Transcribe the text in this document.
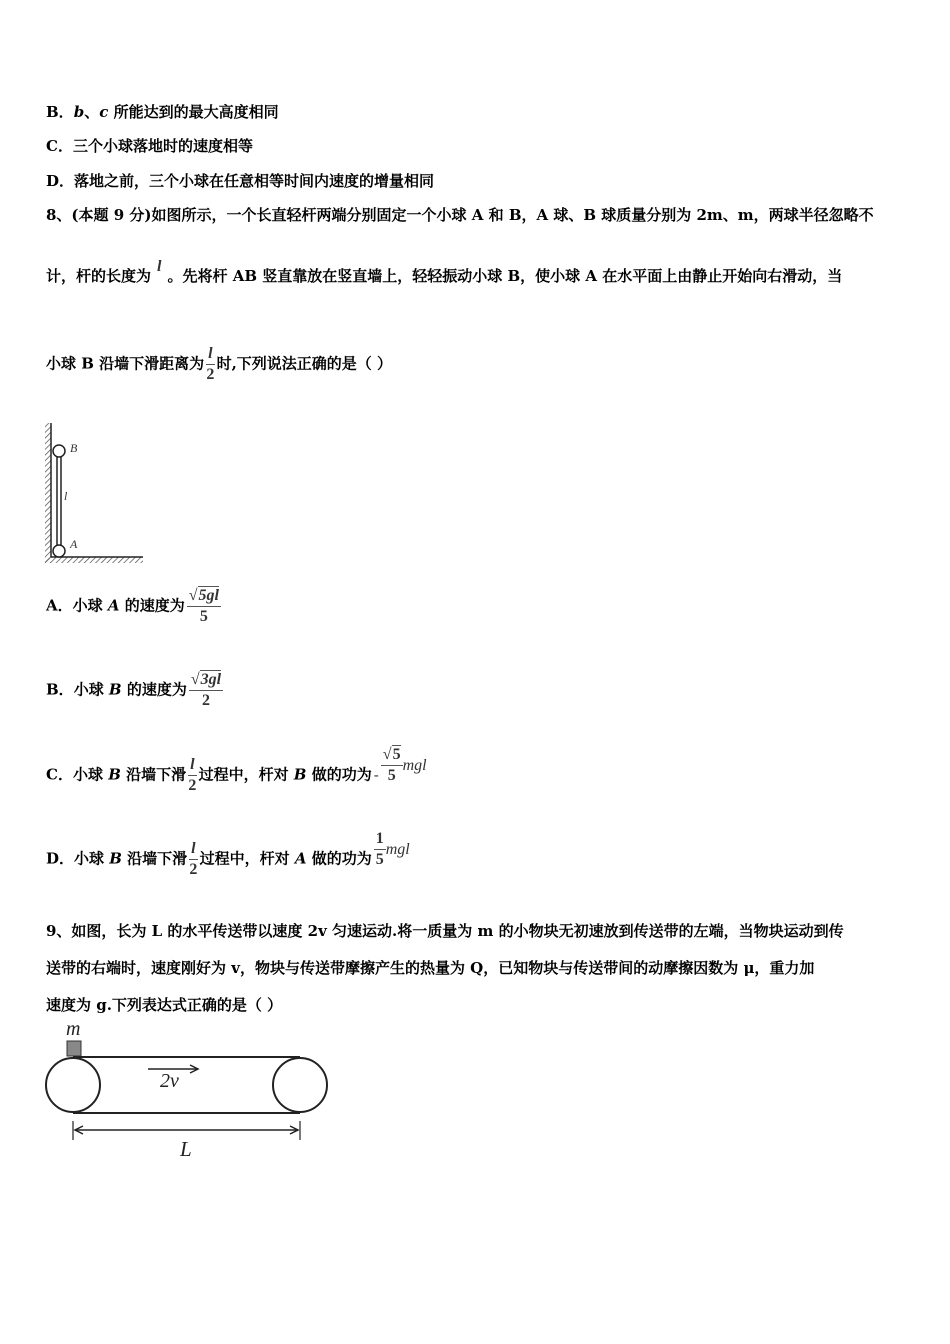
B．b、c 所能达到的最大高度相同
C．三个小球落地时的速度相等
D．落地之前，三个小球在任意相等时间内速度的增量相同
8、(本题 9 分)如图所示，一个长直轻杆两端分别固定一个小球 A 和 B，A 球、B 球质量分别为 2m、m，两球半径忽略不
计，杆的长度为l。先将杆 AB 竖直靠放在竖直墙上，轻轻振动小球 B，使小球 A 在水平面上由静止开始向右滑动，当
小球 B 沿墙下滑距离为 $\frac{l}{2}$ 时,下列说法正确的是（ ）
B
l
A
A．小球 A 的速度为 $\frac{√5gl}{5}$
B．小球 B 的速度为 $\frac{√3gl}{2}$
C．小球 B 沿墙下滑 $\frac{l}{2}$ 过程中，杆对 B 做的功为 - $\frac{√5}{5}$ mgl
D．小球 B 沿墙下滑 $\frac{l}{2}$ 过程中，杆对 A 做的功为 $\frac{1}{5}$ mgl
9、如图，长为 L 的水平传送带以速度 2v 匀速运动.将一质量为 m 的小物块无初速放到传送带的左端，当物块运动到传
送带的右端时，速度刚好为 v，物块与传送带摩擦产生的热量为 Q，已知物块与传送带间的动摩擦因数为 μ，重力加
速度为 g.下列表达式正确的是（ ）
m
2v
L
